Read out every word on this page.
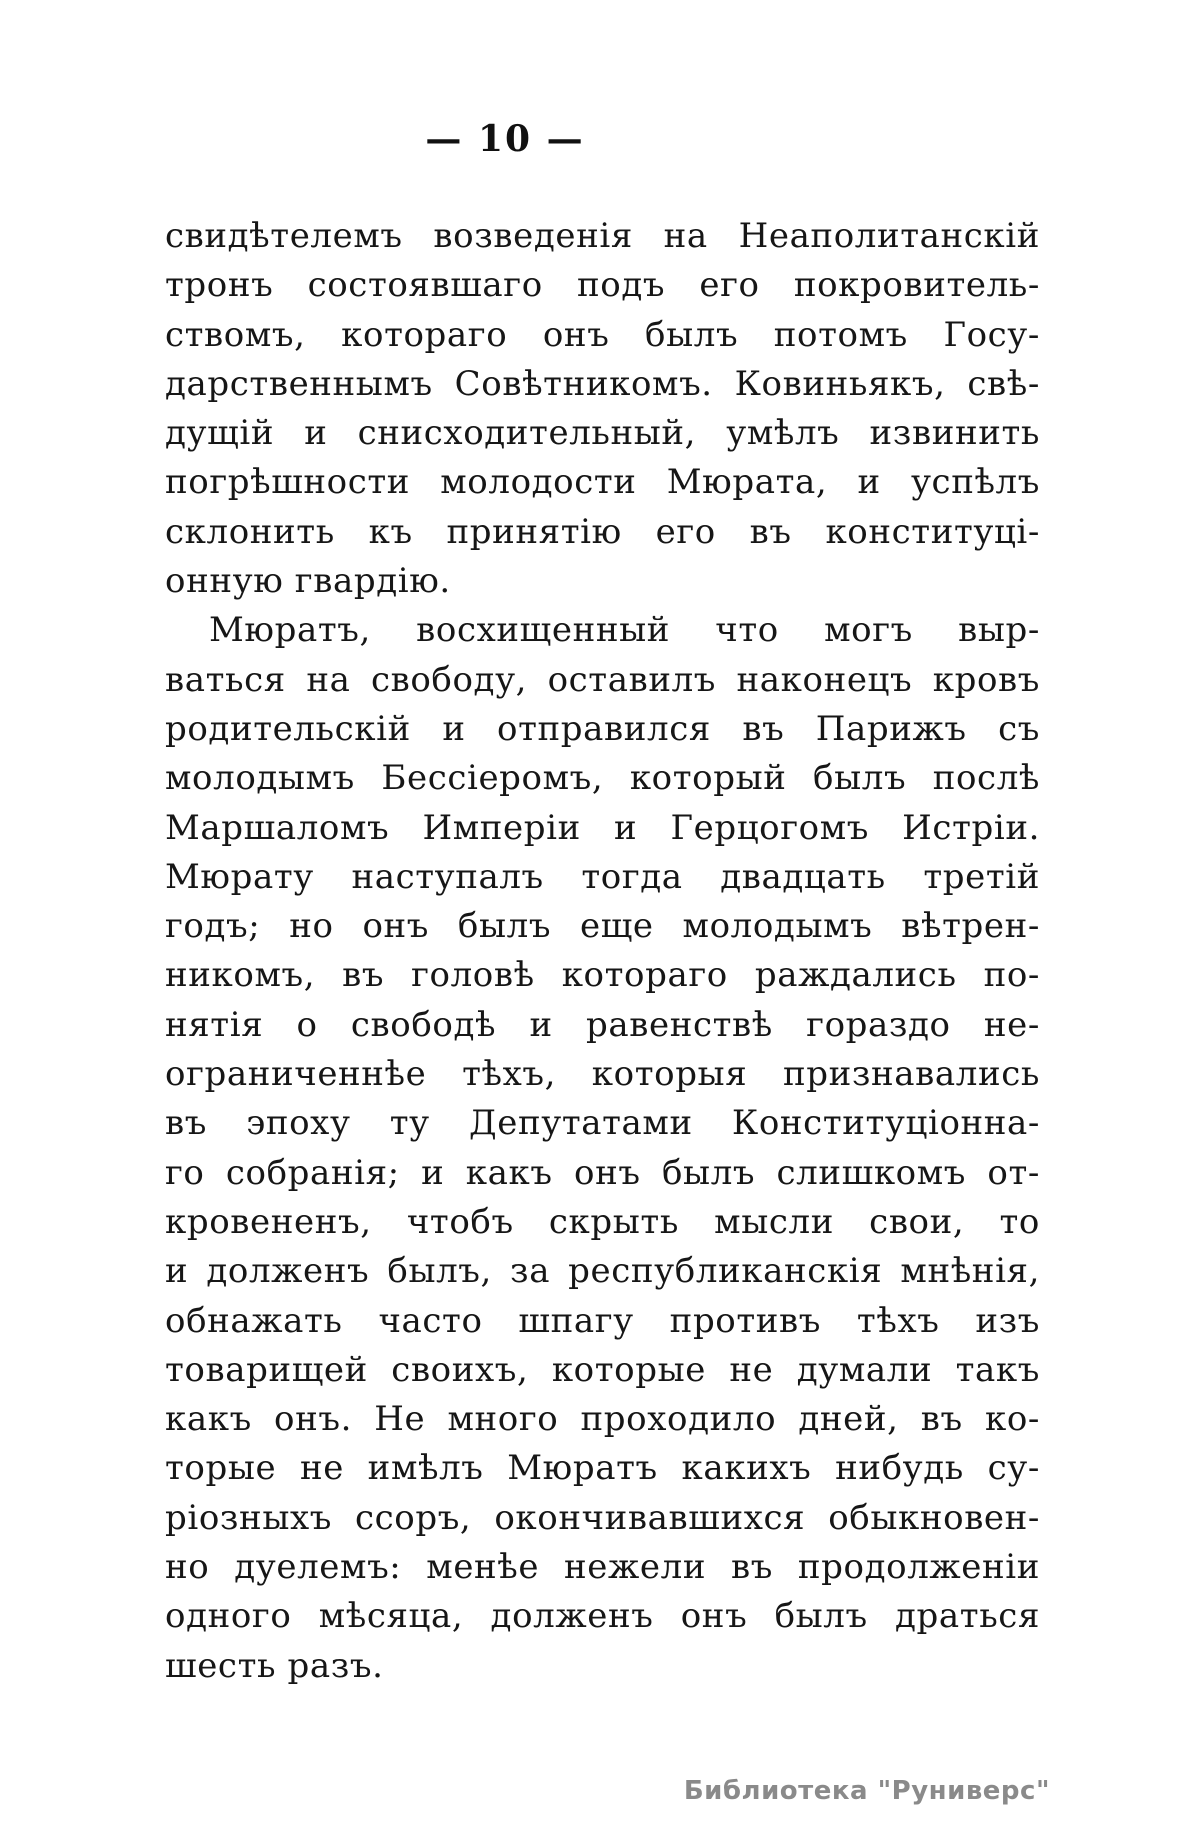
— 10 —
свидѣтелемъ возведенія на Неаполитанскій
тронъ состоявшаго подъ его покровитель-
ствомъ, котораго онъ былъ потомъ Госу-
дарственнымъ Совѣтникомъ. Ковиньякъ, свѣ-
дущій и снисходительный, умѣлъ извинить
погрѣшности молодости Мюрата, и успѣлъ
склонить къ принятію его въ конституці-
онную гвардію.
Мюратъ, восхищенный что могъ выр-
ваться на свободу, оставилъ наконецъ кровъ
родительскій и отправился въ Парижъ съ
молодымъ Бессіеромъ, который былъ послѣ
Маршаломъ Имперіи и Герцогомъ Истріи.
Мюрату наступалъ тогда двадцать третій
годъ; но онъ былъ еще молодымъ вѣтрен-
никомъ, въ головѣ котораго раждались по-
нятія о свободѣ и равенствѣ гораздо не-
ограниченнѣе тѣхъ, которыя признавались
въ эпоху ту Депутатами Конституціонна-
го собранія; и какъ онъ былъ слишкомъ от-
кровененъ, чтобъ скрыть мысли свои, то
и долженъ былъ, за республиканскія мнѣнія,
обнажать часто шпагу противъ тѣхъ изъ
товарищей своихъ, которые не думали такъ
какъ онъ. Не много проходило дней, въ ко-
торые не имѣлъ Мюратъ какихъ нибудь су-
ріозныхъ ссоръ, окончивавшихся обыкновен-
но дуелемъ: менѣе нежели въ продолженіи
одного мѣсяца, долженъ онъ былъ драться
шесть разъ.
Библиотека "Руниверс"
